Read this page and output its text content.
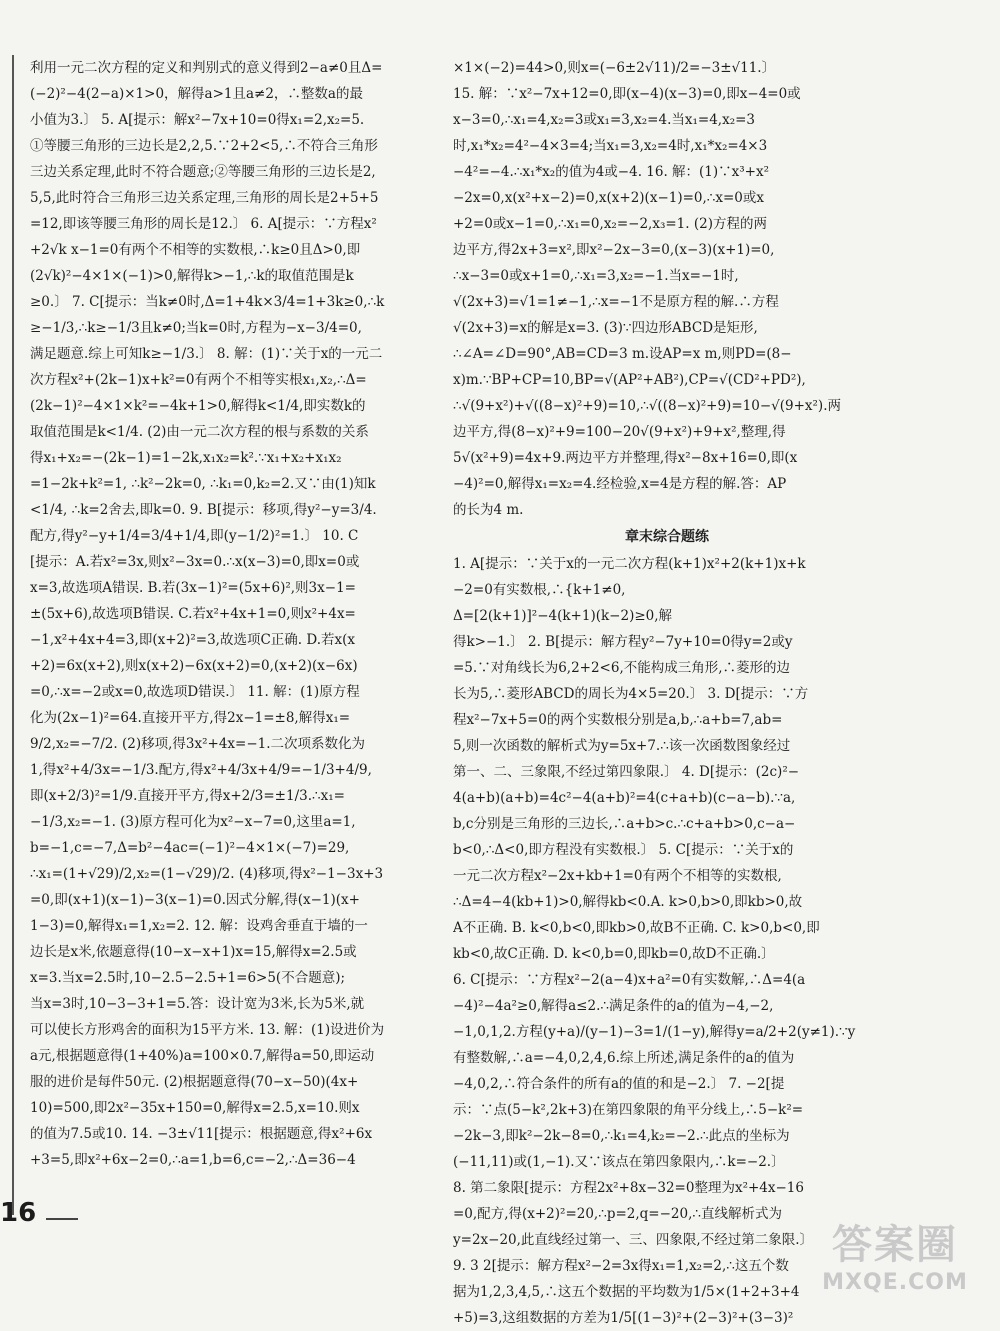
利用一元二次方程的定义和判别式的意义得到2−a≠0且Δ=
(−2)²−4(2−a)×1>0，解得a>1且a≠2，∴整数a的最
小值为3.〕 5. A[提示：解x²−7x+10=0得x₁=2,x₂=5.
①等腰三角形的三边长是2,2,5.∵2+2<5,∴不符合三角形
三边关系定理,此时不符合题意;②等腰三角形的三边长是2,
5,5,此时符合三角形三边关系定理,三角形的周长是2+5+5
=12,即该等腰三角形的周长是12.〕 6. A[提示：∵方程x²
+2√k x−1=0有两个不相等的实数根,∴k≥0且Δ>0,即
(2√k)²−4×1×(−1)>0,解得k>−1,∴k的取值范围是k
≥0.〕 7. C[提示：当k≠0时,Δ=1+4k×3/4=1+3k≥0,∴k
≥−1/3,∴k≥−1/3且k≠0;当k=0时,方程为−x−3/4=0,
满足题意.综上可知k≥−1/3.〕 8. 解：(1)∵关于x的一元二
次方程x²+(2k−1)x+k²=0有两个不相等实根x₁,x₂,∴Δ=
(2k−1)²−4×1×k²=−4k+1>0,解得k<1/4,即实数k的
取值范围是k<1/4. (2)由一元二次方程的根与系数的关系
得x₁+x₂=−(2k−1)=1−2k,x₁x₂=k².∵x₁+x₂+x₁x₂
=1−2k+k²=1, ∴k²−2k=0, ∴k₁=0,k₂=2.又∵由(1)知k
<1/4, ∴k=2舍去,即k=0. 9. B[提示：移项,得y²−y=3/4.
配方,得y²−y+1/4=3/4+1/4,即(y−1/2)²=1.〕 10. C
[提示：A.若x²=3x,则x²−3x=0.∴x(x−3)=0,即x=0或
x=3,故选项A错误. B.若(3x−1)²=(5x+6)²,则3x−1=
±(5x+6),故选项B错误. C.若x²+4x+1=0,则x²+4x=
−1,x²+4x+4=3,即(x+2)²=3,故选项C正确. D.若x(x
+2)=6x(x+2),则x(x+2)−6x(x+2)=0,(x+2)(x−6x)
=0,∴x=−2或x=0,故选项D错误.〕 11. 解：(1)原方程
化为(2x−1)²=64.直接开平方,得2x−1=±8,解得x₁=
9/2,x₂=−7/2. (2)移项,得3x²+4x=−1.二次项系数化为
1,得x²+4/3x=−1/3.配方,得x²+4/3x+4/9=−1/3+4/9,
即(x+2/3)²=1/9.直接开平方,得x+2/3=±1/3.∴x₁=
−1/3,x₂=−1. (3)原方程可化为x²−x−7=0,这里a=1,
b=−1,c=−7,Δ=b²−4ac=(−1)²−4×1×(−7)=29,
∴x₁=(1+√29)/2,x₂=(1−√29)/2. (4)移项,得x²−1−3x+3
=0,即(x+1)(x−1)−3(x−1)=0.因式分解,得(x−1)(x+
1−3)=0,解得x₁=1,x₂=2. 12. 解：设鸡舍垂直于墙的一
边长是x米,依题意得(10−x−x+1)x=15,解得x=2.5或
x=3.当x=2.5时,10−2.5−2.5+1=6>5(不合题意);
当x=3时,10−3−3+1=5.答：设计宽为3米,长为5米,就
可以使长方形鸡舍的面积为15平方米. 13. 解：(1)设进价为
a元,根据题意得(1+40%)a=100×0.7,解得a=50,即运动
服的进价是每件50元. (2)根据题意得(70−x−50)(4x+
10)=500,即2x²−35x+150=0,解得x=2.5,x=10.则x
的值为7.5或10. 14. −3±√11[提示：根据题意,得x²+6x
+3=5,即x²+6x−2=0,∴a=1,b=6,c=−2,∴Δ=36−4
×1×(−2)=44>0,则x=(−6±2√11)/2=−3±√11.〕
15. 解：∵x²−7x+12=0,即(x−4)(x−3)=0,即x−4=0或
x−3=0,∴x₁=4,x₂=3或x₁=3,x₂=4.当x₁=4,x₂=3
时,x₁*x₂=4²−4×3=4;当x₁=3,x₂=4时,x₁*x₂=4×3
−4²=−4.∴x₁*x₂的值为4或−4. 16. 解：(1)∵x³+x²
−2x=0,x(x²+x−2)=0,x(x+2)(x−1)=0,∴x=0或x
+2=0或x−1=0,∴x₁=0,x₂=−2,x₃=1. (2)方程的两
边平方,得2x+3=x²,即x²−2x−3=0,(x−3)(x+1)=0,
∴x−3=0或x+1=0,∴x₁=3,x₂=−1.当x=−1时,
√(2x+3)=√1=1≠−1,∴x=−1不是原方程的解.∴方程
√(2x+3)=x的解是x=3. (3)∵四边形ABCD是矩形,
∴∠A=∠D=90°,AB=CD=3 m.设AP=x m,则PD=(8−
x)m.∵BP+CP=10,BP=√(AP²+AB²),CP=√(CD²+PD²),
∴√(9+x²)+√((8−x)²+9)=10,∴√((8−x)²+9)=10−√(9+x²).两
边平方,得(8−x)²+9=100−20√(9+x²)+9+x²,整理,得
5√(x²+9)=4x+9.两边平方并整理,得x²−8x+16=0,即(x
−4)²=0,解得x₁=x₂=4.经检验,x=4是方程的解.答：AP
的长为4 m.
章末综合题练
1. A[提示：∵关于x的一元二次方程(k+1)x²+2(k+1)x+k
−2=0有实数根,∴{k+1≠0,
Δ=[2(k+1)]²−4(k+1)(k−2)≥0,解
得k>−1.〕 2. B[提示：解方程y²−7y+10=0得y=2或y
=5.∵对角线长为6,2+2<6,不能构成三角形,∴菱形的边
长为5,∴菱形ABCD的周长为4×5=20.〕 3. D[提示：∵方
程x²−7x+5=0的两个实数根分别是a,b,∴a+b=7,ab=
5,则一次函数的解析式为y=5x+7.∴该一次函数图象经过
第一、二、三象限,不经过第四象限.〕 4. D[提示：(2c)²−
4(a+b)(a+b)=4c²−4(a+b)²=4(c+a+b)(c−a−b).∵a,
b,c分别是三角形的三边长,∴a+b>c.∴c+a+b>0,c−a−
b<0,∴Δ<0,即方程没有实数根.〕 5. C[提示：∵关于x的
一元二次方程x²−2x+kb+1=0有两个不相等的实数根,
∴Δ=4−4(kb+1)>0,解得kb<0.A. k>0,b>0,即kb>0,故
A不正确. B. k<0,b<0,即kb>0,故B不正确. C. k>0,b<0,即
kb<0,故C正确. D. k<0,b=0,即kb=0,故D不正确.〕
6. C[提示：∵方程x²−2(a−4)x+a²=0有实数解,∴Δ=4(a
−4)²−4a²≥0,解得a≤2.∴满足条件的a的值为−4,−2,
−1,0,1,2.方程(y+a)/(y−1)−3=1/(1−y),解得y=a/2+2(y≠1).∵y
有整数解,∴a=−4,0,2,4,6.综上所述,满足条件的a的值为
−4,0,2,∴符合条件的所有a的值的和是−2.〕 7. −2[提
示：∵点(5−k²,2k+3)在第四象限的角平分线上,∴5−k²=
−2k−3,即k²−2k−8=0,∴k₁=4,k₂=−2.∴此点的坐标为
(−11,11)或(1,−1).又∵该点在第四象限内,∴k=−2.〕
8. 第二象限[提示：方程2x²+8x−32=0整理为x²+4x−16
=0,配方,得(x+2)²=20,∴p=2,q=−20,∴直线解析式为
y=2x−20,此直线经过第一、三、四象限,不经过第二象限.〕
9. 3 2[提示：解方程x²−2=3x得x₁=1,x₂=2,∴这五个数
据为1,2,3,4,5,∴这五个数据的平均数为1/5×(1+2+3+4
+5)=3,这组数据的方差为1/5[(1−3)²+(2−3)²+(3−3)²
16
答案圈
MXQE.COM
